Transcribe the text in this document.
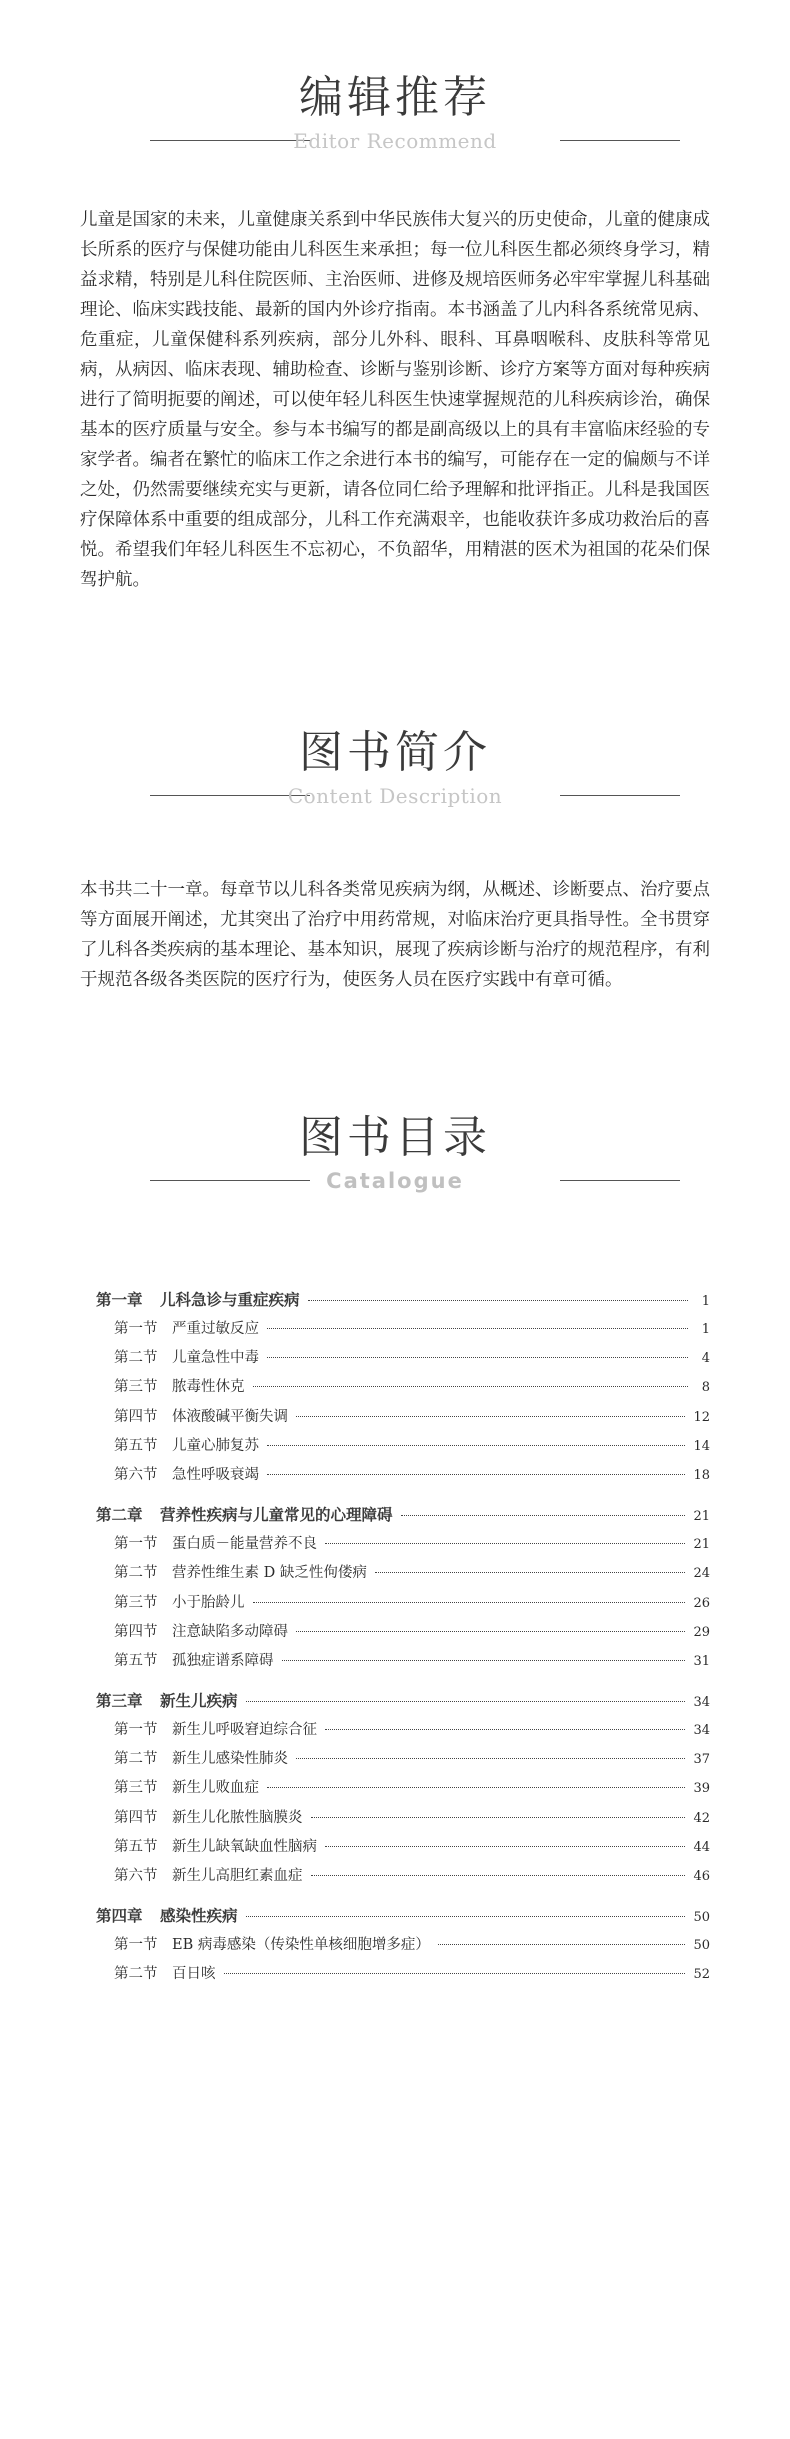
编辑推荐
Editor Recommend

儿童是国家的未来，儿童健康关系到中华民族伟大复兴的历史使命，儿童的健康成长所系的医疗与保健功能由儿科医生来承担；每一位儿科医生都必须终身学习，精益求精，特别是儿科住院医师、主治医师、进修及规培医师务必牢牢掌握儿科基础理论、临床实践技能、最新的国内外诊疗指南。本书涵盖了儿内科各系统常见病、危重症，儿童保健科系列疾病，部分儿外科、眼科、耳鼻咽喉科、皮肤科等常见病，从病因、临床表现、辅助检查、诊断与鉴别诊断、诊疗方案等方面对每种疾病进行了简明扼要的阐述，可以使年轻儿科医生快速掌握规范的儿科疾病诊治，确保基本的医疗质量与安全。参与本书编写的都是副高级以上的具有丰富临床经验的专家学者。编者在繁忙的临床工作之余进行本书的编写，可能存在一定的偏颇与不详之处，仍然需要继续充实与更新，请各位同仁给予理解和批评指正。儿科是我国医疗保障体系中重要的组成部分，儿科工作充满艰辛，也能收获许多成功救治后的喜悦。希望我们年轻儿科医生不忘初心，不负韶华，用精湛的医术为祖国的花朵们保驾护航。

图书简介
Content Description

本书共二十一章。每章节以儿科各类常见疾病为纲，从概述、诊断要点、治疗要点等方面展开阐述，尤其突出了治疗中用药常规，对临床治疗更具指导性。全书贯穿了儿科各类疾病的基本理论、基本知识，展现了疾病诊断与治疗的规范程序，有利于规范各级各类医院的医疗行为，使医务人员在医疗实践中有章可循。

图书目录
Catalogue
第一章	儿科急诊与重症疾病	1
第一节	严重过敏反应	1
第二节	儿童急性中毒	4
第三节	脓毒性休克	8
第四节	体液酸碱平衡失调	12
第五节	儿童心肺复苏	14
第六节	急性呼吸衰竭	18
第二章	营养性疾病与儿童常见的心理障碍	21
第一节	蛋白质－能量营养不良	21
第二节	营养性维生素 D 缺乏性佝偻病	24
第三节	小于胎龄儿	26
第四节	注意缺陷多动障碍	29
第五节	孤独症谱系障碍	31
第三章	新生儿疾病	34
第一节	新生儿呼吸窘迫综合征	34
第二节	新生儿感染性肺炎	37
第三节	新生儿败血症	39
第四节	新生儿化脓性脑膜炎	42
第五节	新生儿缺氧缺血性脑病	44
第六节	新生儿高胆红素血症	46
第四章	感染性疾病	50
第一节	EB 病毒感染（传染性单核细胞增多症）	50
第二节	百日咳	52
